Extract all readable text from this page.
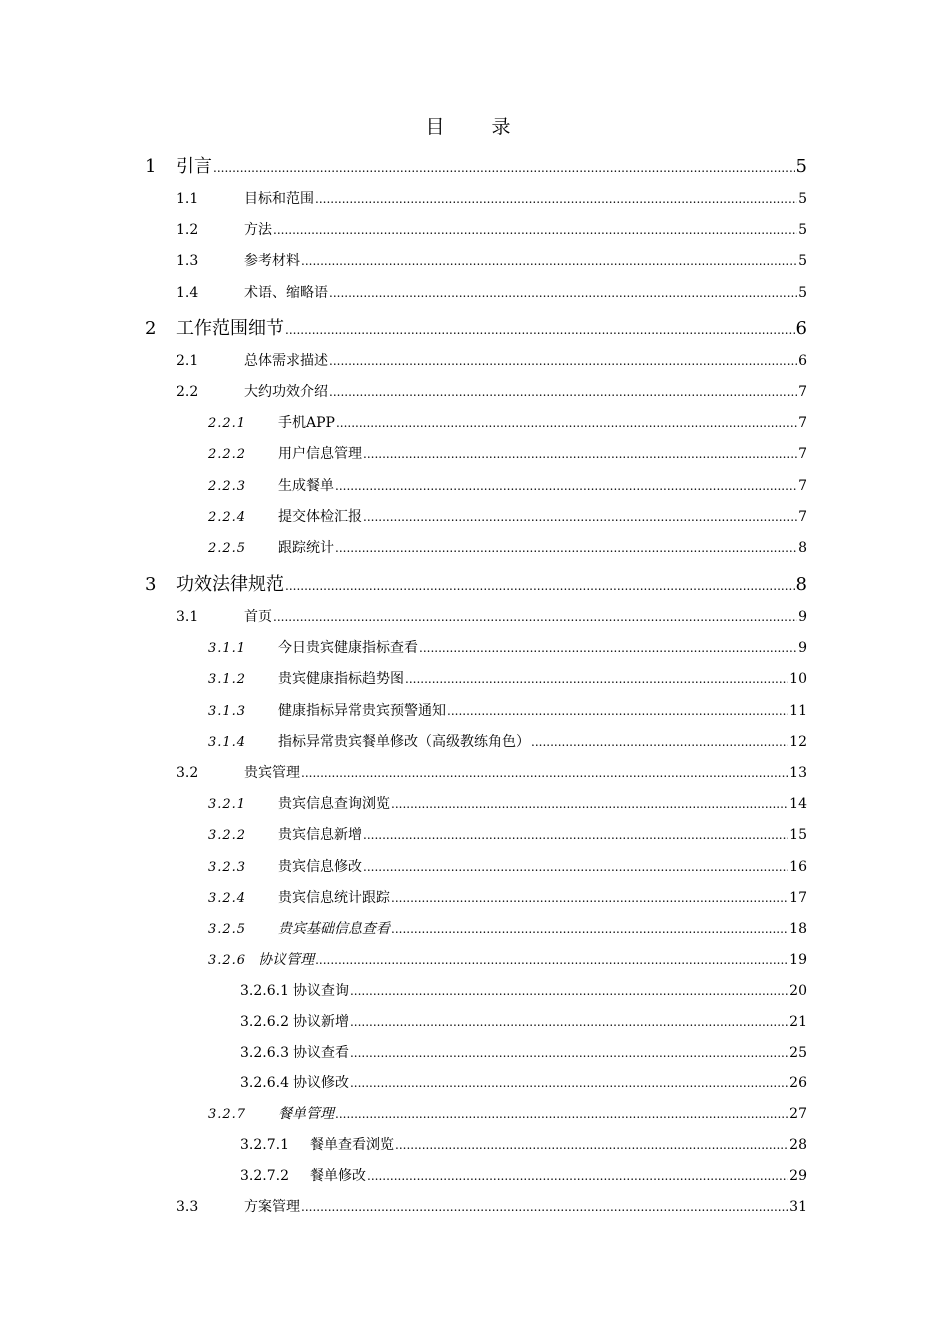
目　录
1	引言 .....	5
1.1	目标和范围 .....	5
1.2	方法 .....	5
1.3	参考材料 .....	5
1.4	术语、缩略语 .....	5
2	工作范围细节 .....	6
2.1	总体需求描述 .....	6
2.2	大约功效介绍 .....	7
2.2.1	手机APP .....	7
2.2.2	用户信息管理 .....	7
2.2.3	生成餐单 .....	7
2.2.4	提交体检汇报 .....	7
2.2.5	跟踪统计 .....	8
3	功效法律规范 .....	8
3.1	首页 .....	9
3.1.1	今日贵宾健康指标查看 .....	9
3.1.2	贵宾健康指标趋势图 .....	10
3.1.3	健康指标异常贵宾预警通知 .....	11
3.1.4	指标异常贵宾餐单修改（高级教练角色） .....	12
3.2	贵宾管理 .....	13
3.2.1	贵宾信息查询浏览 .....	14
3.2.2	贵宾信息新增 .....	15
3.2.3	贵宾信息修改 .....	16
3.2.4	贵宾信息统计跟踪 .....	17
3.2.5	贵宾基础信息查看 .....	18
3.2.6 协议管理 .....	19
3.2.6.1 协议查询 .....	20
3.2.6.2 协议新增 .....	21
3.2.6.3 协议查看 .....	25
3.2.6.4 协议修改 .....	26
3.2.7	餐单管理 .....	27
3.2.7.1	餐单查看浏览 .....	28
3.2.7.2	餐单修改 .....	29
3.3	方案管理 .....	31
